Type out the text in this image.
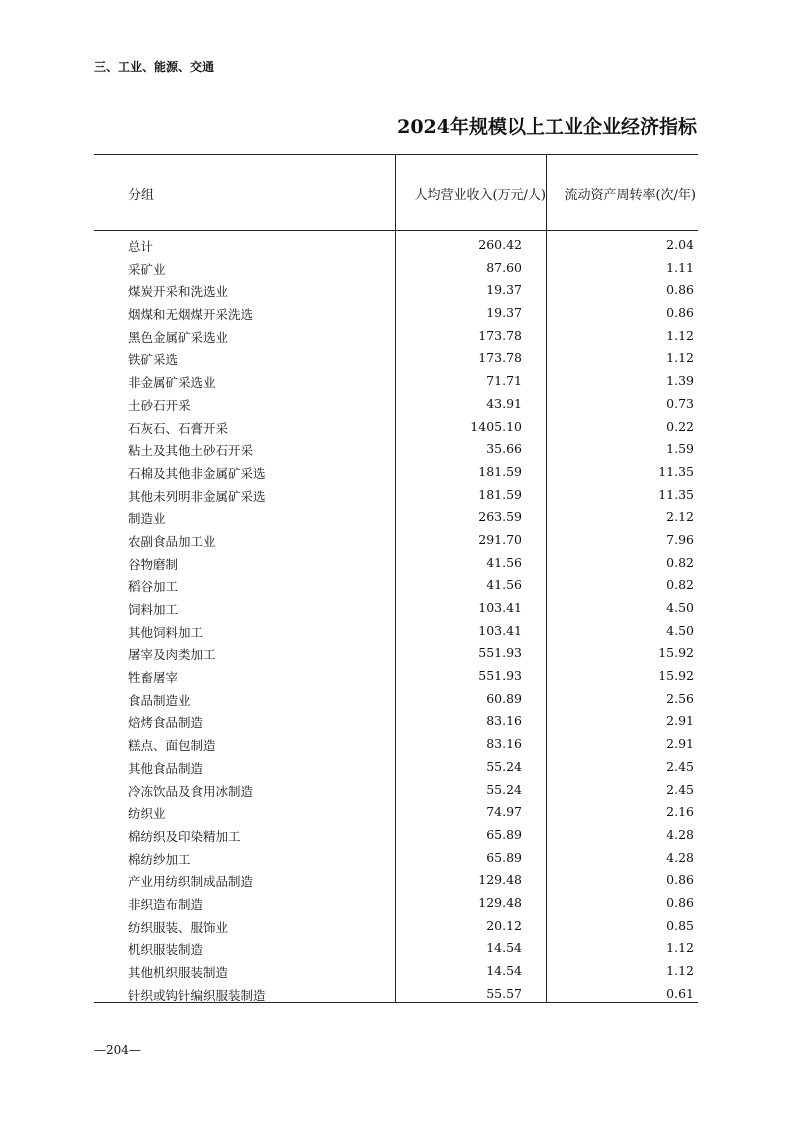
三、工业、能源、交通
2024年规模以上工业企业经济指标
分组	人均营业收入(万元/人)	流动资产周转率(次/年)
总计	260.42	2.04
采矿业	87.60	1.11
煤炭开采和洗选业	19.37	0.86
烟煤和无烟煤开采洗选	19.37	0.86
黑色金属矿采选业	173.78	1.12
铁矿采选	173.78	1.12
非金属矿采选业	71.71	1.39
土砂石开采	43.91	0.73
石灰石、石膏开采	1405.10	0.22
粘土及其他土砂石开采	35.66	1.59
石棉及其他非金属矿采选	181.59	11.35
其他未列明非金属矿采选	181.59	11.35
制造业	263.59	2.12
农副食品加工业	291.70	7.96
谷物磨制	41.56	0.82
稻谷加工	41.56	0.82
饲料加工	103.41	4.50
其他饲料加工	103.41	4.50
屠宰及肉类加工	551.93	15.92
牲畜屠宰	551.93	15.92
食品制造业	60.89	2.56
焙烤食品制造	83.16	2.91
糕点、面包制造	83.16	2.91
其他食品制造	55.24	2.45
冷冻饮品及食用冰制造	55.24	2.45
纺织业	74.97	2.16
棉纺织及印染精加工	65.89	4.28
棉纺纱加工	65.89	4.28
产业用纺织制成品制造	129.48	0.86
非织造布制造	129.48	0.86
纺织服装、服饰业	20.12	0.85
机织服装制造	14.54	1.12
其他机织服装制造	14.54	1.12
针织或钩针编织服装制造	55.57	0.61
—204—
